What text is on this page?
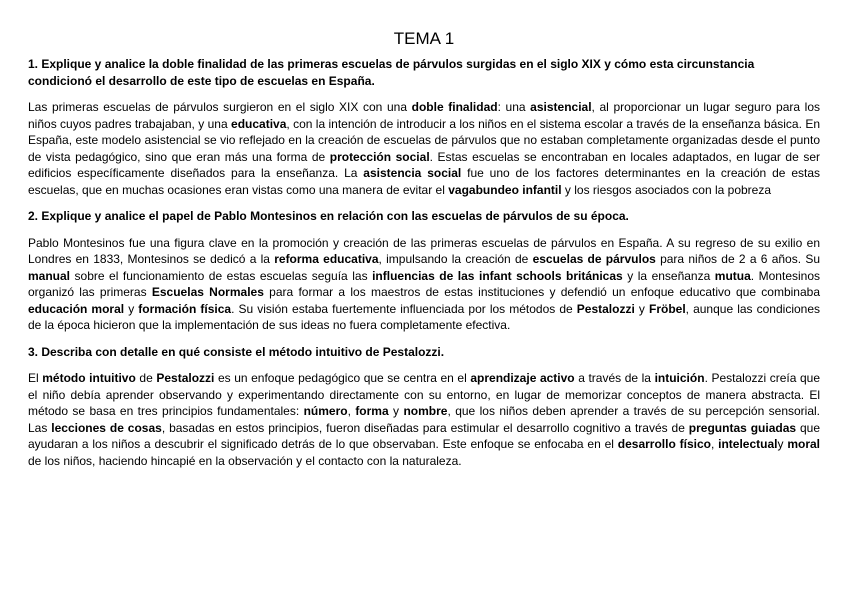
TEMA 1

1. Explique y analice la doble finalidad de las primeras escuelas de párvulos surgidas en el siglo XIX y cómo esta circunstancia condicionó el desarrollo de este tipo de escuelas en España.

Las primeras escuelas de párvulos surgieron en el siglo XIX con una doble finalidad: una asistencial, al proporcionar un lugar seguro para los niños cuyos padres trabajaban, y una educativa, con la intención de introducir a los niños en el sistema escolar a través de la enseñanza básica. En España, este modelo asistencial se vio reflejado en la creación de escuelas de párvulos que no estaban completamente organizadas desde el punto de vista pedagógico, sino que eran más una forma de protección social. Estas escuelas se encontraban en locales adaptados, en lugar de ser edificios específicamente diseñados para la enseñanza. La asistencia social fue uno de los factores determinantes en la creación de estas escuelas, que en muchas ocasiones eran vistas como una manera de evitar el vagabundeo infantil y los riesgos asociados con la pobreza

2. Explique y analice el papel de Pablo Montesinos en relación con las escuelas de párvulos de su época.

Pablo Montesinos fue una figura clave en la promoción y creación de las primeras escuelas de párvulos en España. A su regreso de su exilio en Londres en 1833, Montesinos se dedicó a la reforma educativa, impulsando la creación de escuelas de párvulos para niños de 2 a 6 años. Su manual sobre el funcionamiento de estas escuelas seguía las influencias de las infant schools británicas y la enseñanza mutua. Montesinos organizó las primeras Escuelas Normales para formar a los maestros de estas instituciones y defendió un enfoque educativo que combinaba educación moral y formación física. Su visión estaba fuertemente influenciada por los métodos de Pestalozzi y Fröbel, aunque las condiciones de la época hicieron que la implementación de sus ideas no fuera completamente efectiva.

3. Describa con detalle en qué consiste el método intuitivo de Pestalozzi.

El método intuitivo de Pestalozzi es un enfoque pedagógico que se centra en el aprendizaje activo a través de la intuición. Pestalozzi creía que el niño debía aprender observando y experimentando directamente con su entorno, en lugar de memorizar conceptos de manera abstracta. El método se basa en tres principios fundamentales: número, forma y nombre, que los niños deben aprender a través de su percepción sensorial. Las lecciones de cosas, basadas en estos principios, fueron diseñadas para estimular el desarrollo cognitivo a través de preguntas guiadas que ayudaran a los niños a descubrir el significado detrás de lo que observaban. Este enfoque se enfocaba en el desarrollo físico, intelectualy moral de los niños, haciendo hincapié en la observación y el contacto con la naturaleza.
